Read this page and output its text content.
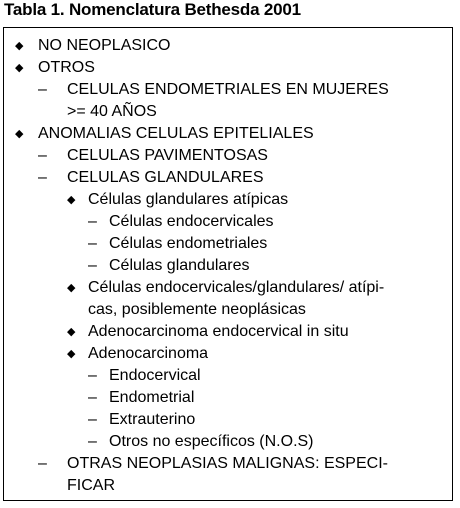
Tabla 1. Nomenclatura Bethesda 2001
◆ NO NEOPLASICO
◆ OTROS
– CELULAS ENDOMETRIALES EN MUJERES
>= 40 AÑOS
◆ ANOMALIAS CELULAS EPITELIALES
– CELULAS PAVIMENTOSAS
– CELULAS GLANDULARES
◆ Células glandulares atípicas
– Células endocervicales
– Células endometriales
– Células glandulares
◆ Células endocervicales/glandulares/ atípi-
cas, posiblemente neoplásicas
◆ Adenocarcinoma endocervical in situ
◆ Adenocarcinoma
– Endocervical
– Endometrial
– Extrauterino
– Otros no específicos (N.O.S)
– OTRAS NEOPLASIAS MALIGNAS: ESPECI-
FICAR
